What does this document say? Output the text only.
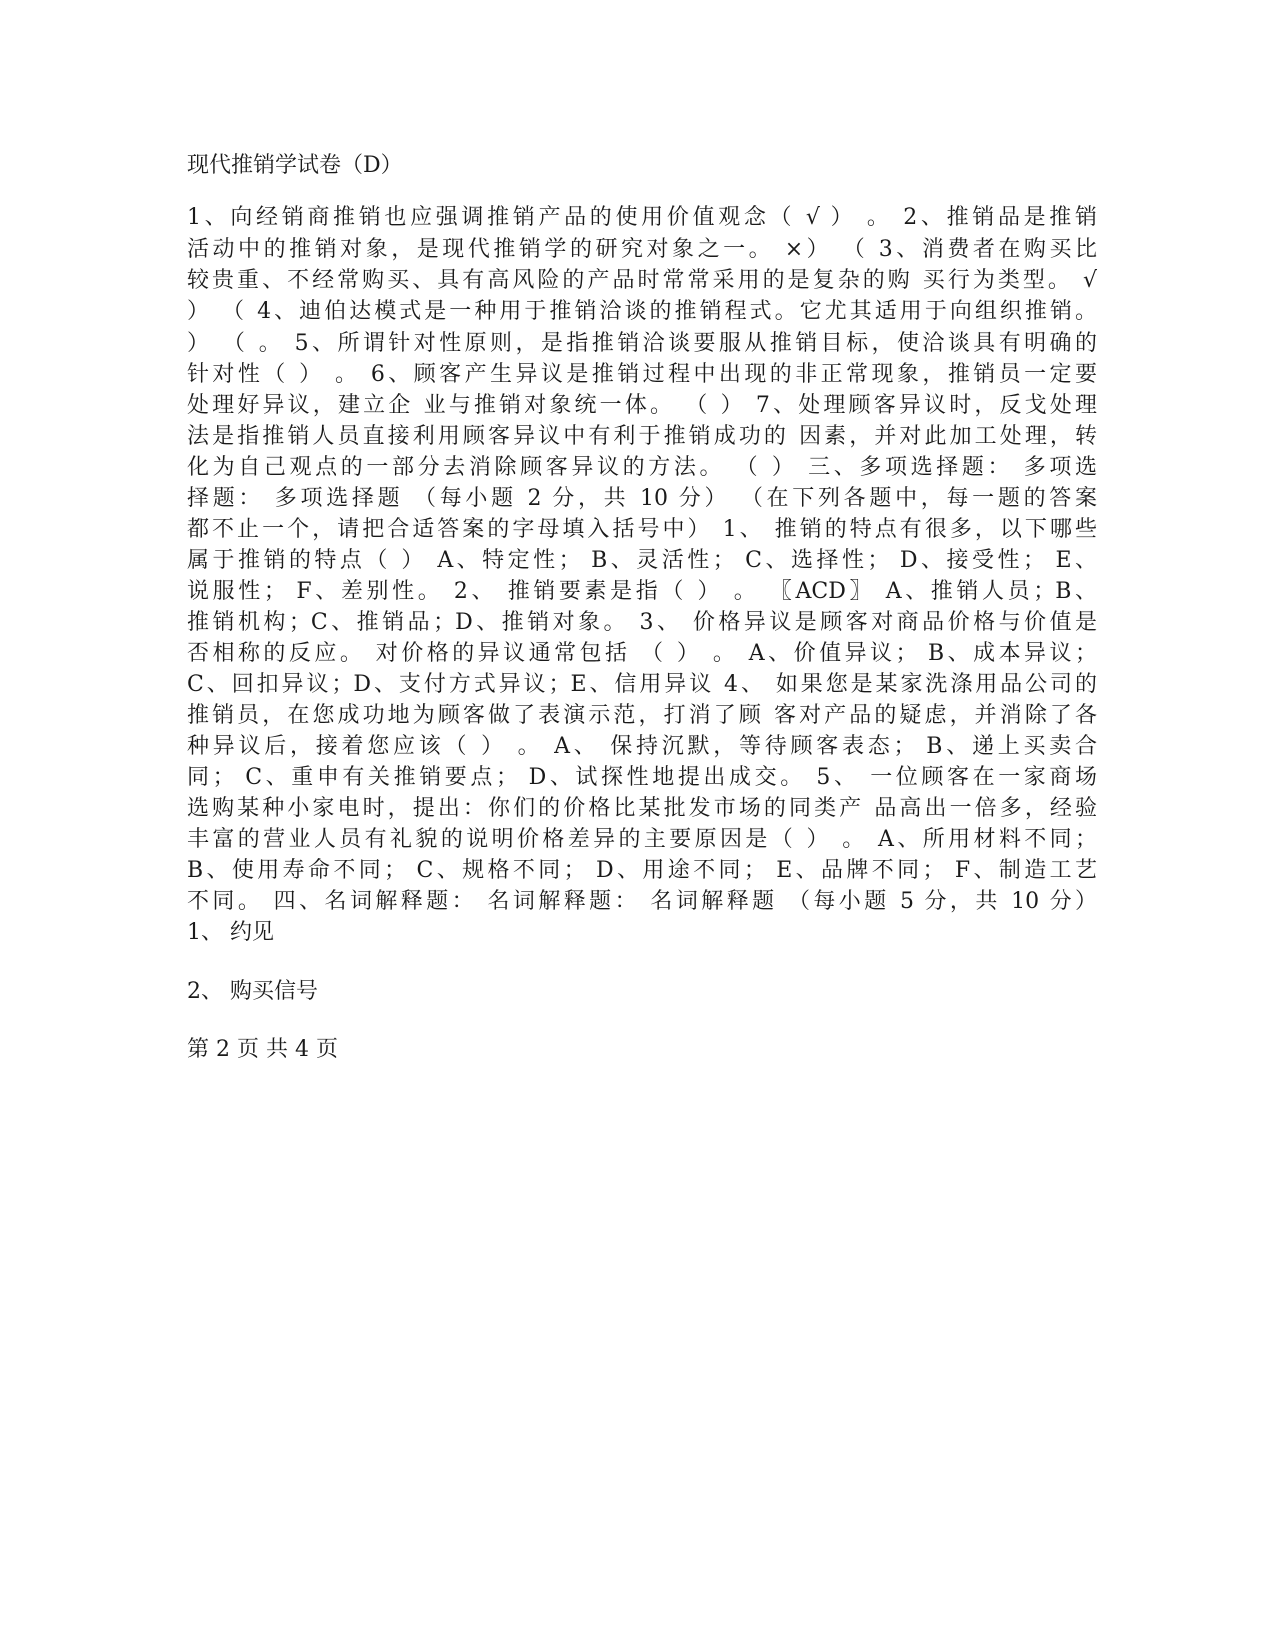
现代推销学试卷（D）
1、向经销商推销也应强调推销产品的使用价值观念（ √ ） 。 2、推销品是推销
活动中的推销对象，是现代推销学的研究对象之一。 ×） （ 3、消费者在购买比
较贵重、不经常购买、具有高风险的产品时常常采用的是复杂的购 买行为类型。 √
） （ 4、迪伯达模式是一种用于推销洽谈的推销程式。它尤其适用于向组织推销。
） （ 。 5、所谓针对性原则，是指推销洽谈要服从推销目标，使洽谈具有明确的
针对性（ ） 。 6、顾客产生异议是推销过程中出现的非正常现象，推销员一定要
处理好异议，建立企 业与推销对象统一体。 （ ） 7、处理顾客异议时，反戈处理
法是指推销人员直接利用顾客异议中有利于推销成功的 因素，并对此加工处理，转
化为自己观点的一部分去消除顾客异议的方法。 （ ） 三、多项选择题： 多项选
择题： 多项选择题 （每小题 2 分，共 10 分） （在下列各题中，每一题的答案
都不止一个，请把合适答案的字母填入括号中） 1、 推销的特点有很多，以下哪些
属于推销的特点（ ） A、特定性； B、灵活性； C、选择性； D、接受性； E、
说服性； F、差别性。 2、 推销要素是指（ ） 。 〖ACD〗 A、推销人员；B、
推销机构；C、推销品；D、推销对象。 3、 价格异议是顾客对商品价格与价值是
否相称的反应。 对价格的异议通常包括 （ ） 。 A、价值异议； B、成本异议；
C、回扣异议；D、支付方式异议；E、信用异议 4、 如果您是某家洗涤用品公司的
推销员，在您成功地为顾客做了表演示范，打消了顾 客对产品的疑虑，并消除了各
种异议后，接着您应该（ ） 。 A、 保持沉默，等待顾客表态； B、递上买卖合
同； C、重申有关推销要点； D、试探性地提出成交。 5、 一位顾客在一家商场
选购某种小家电时，提出：你们的价格比某批发市场的同类产 品高出一倍多，经验
丰富的营业人员有礼貌的说明价格差异的主要原因是（ ） 。 A、所用材料不同；
B、使用寿命不同； C、规格不同； D、用途不同； E、品牌不同； F、制造工艺
不同。 四、名词解释题： 名词解释题： 名词解释题 （每小题 5 分，共 10 分）
1、 约见
2、 购买信号
第 2 页 共 4 页
